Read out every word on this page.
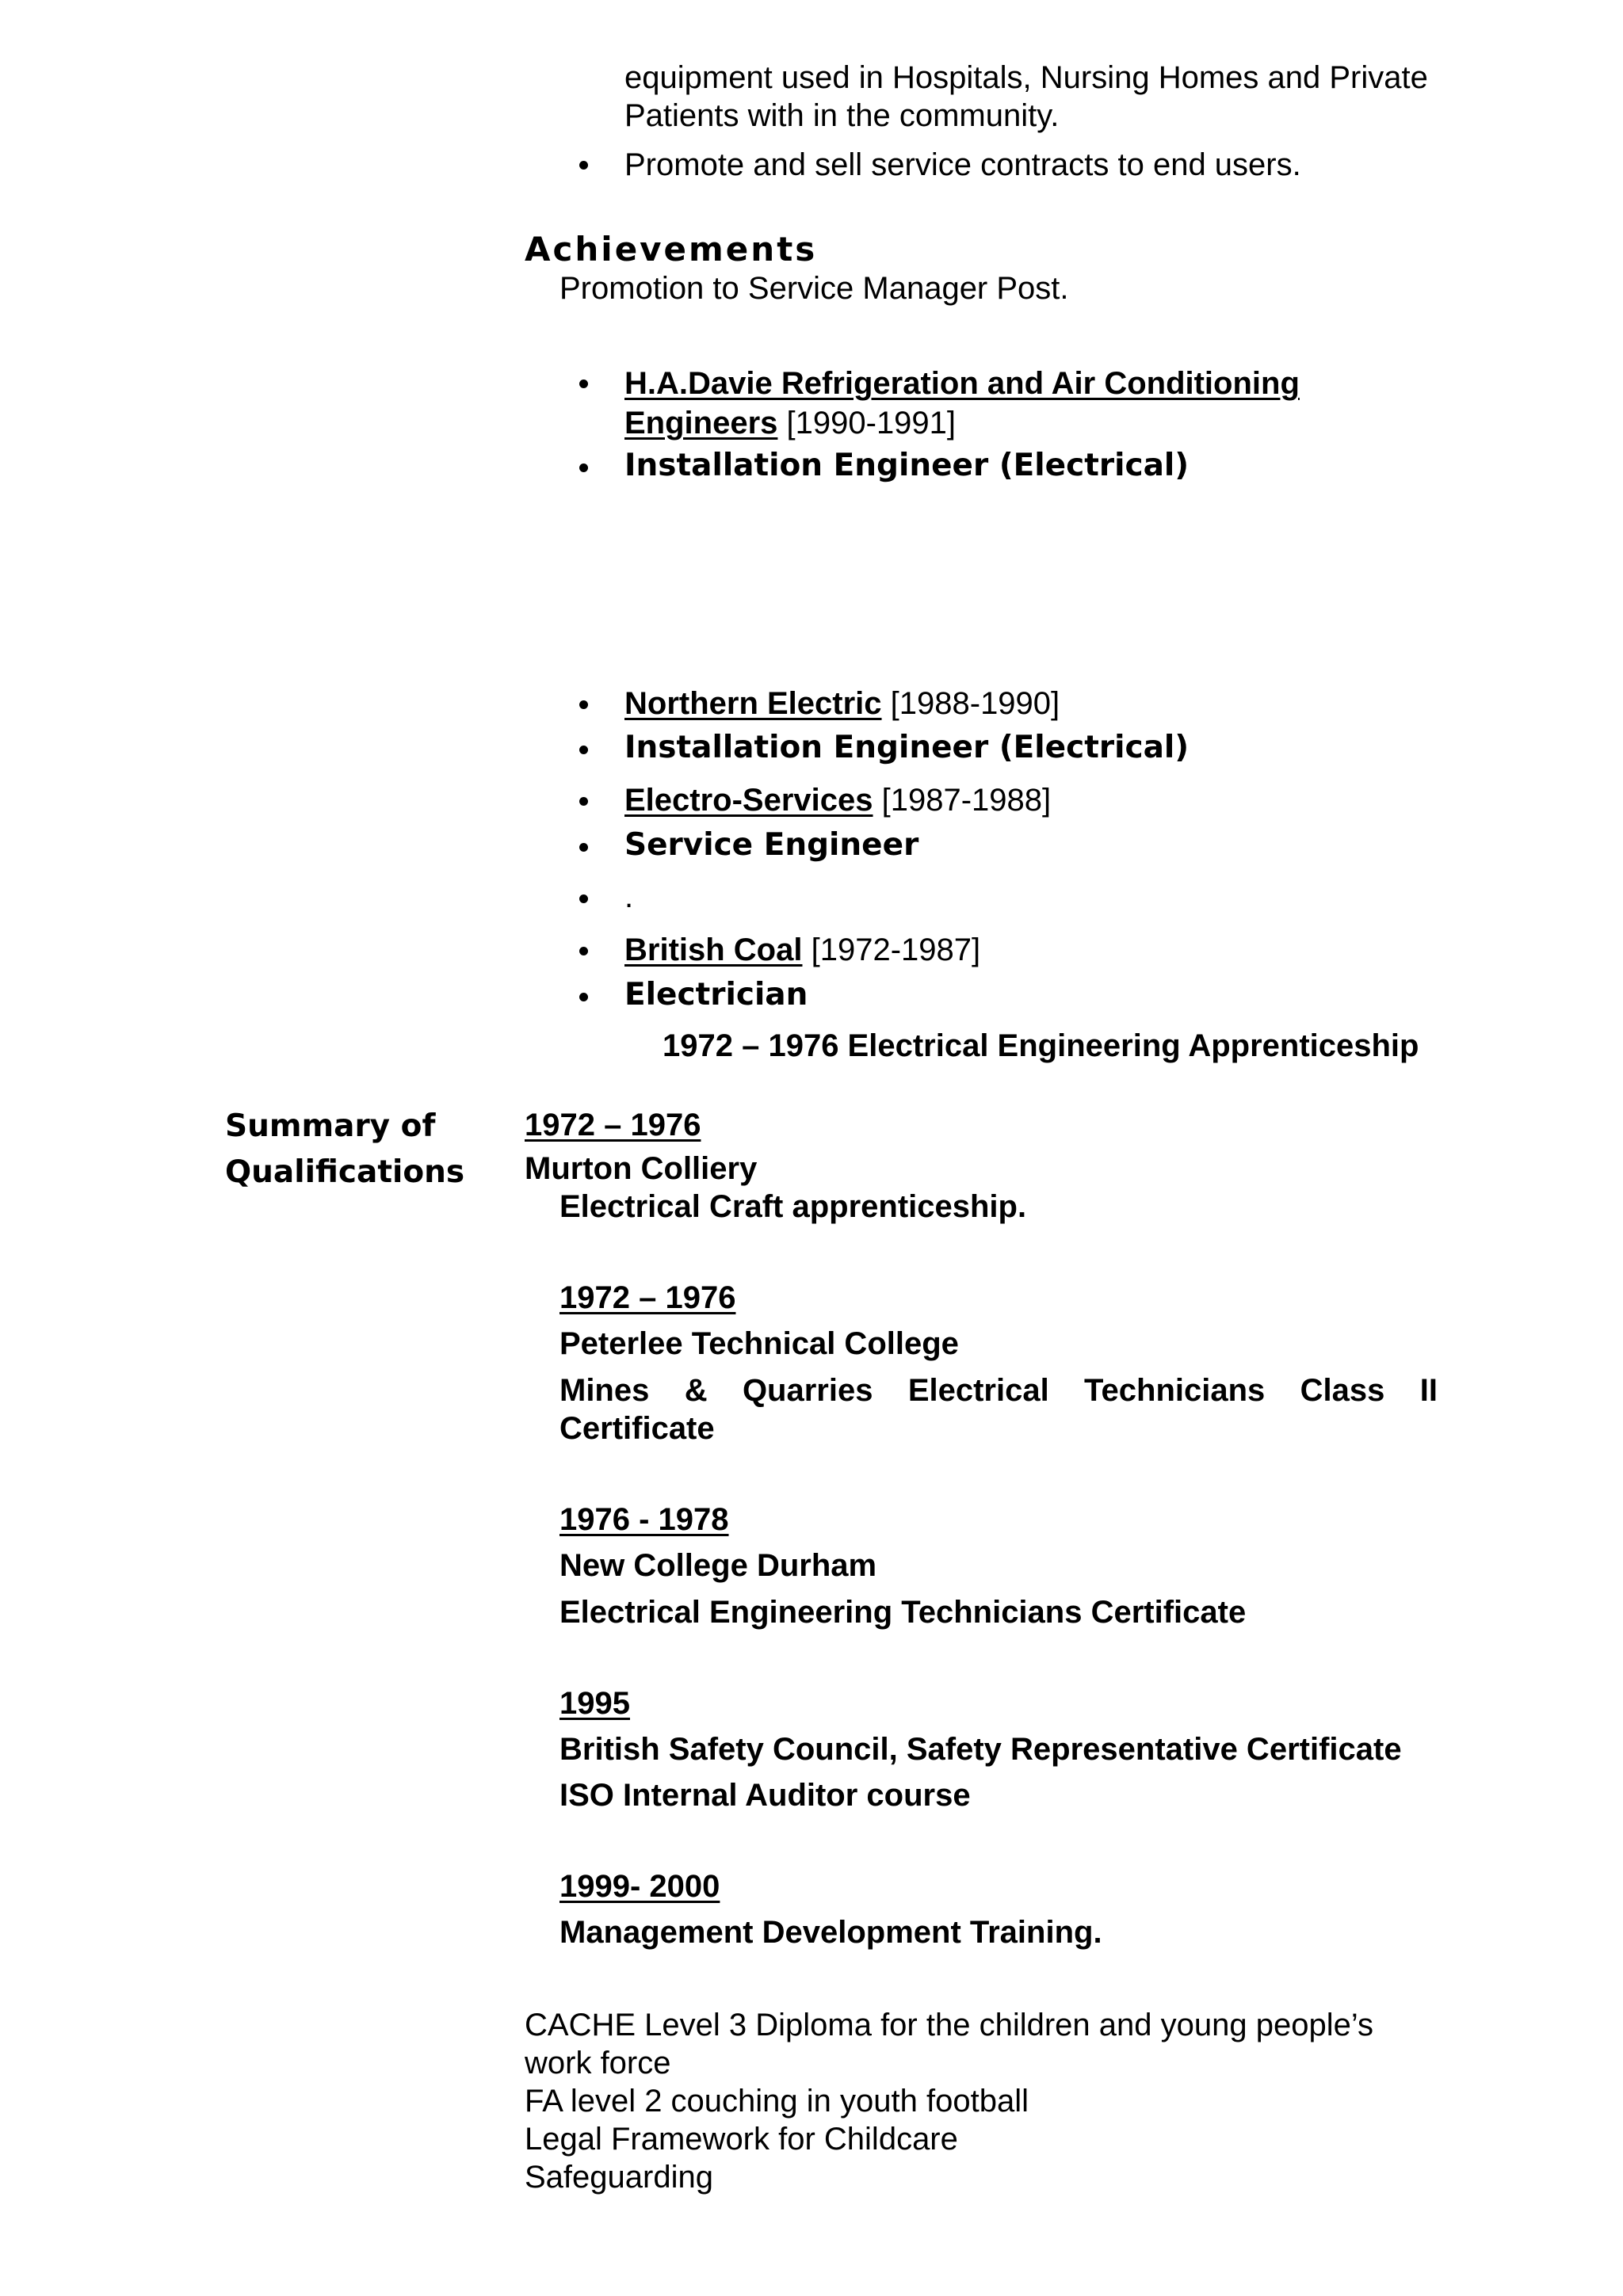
equipment used in Hospitals, Nursing Homes and Private
Patients with in the community.
Promote and sell service contracts to end users.
Achievements
Promotion to Service Manager Post.
H.A.Davie Refrigeration and Air Conditioning
Engineers [1990-1991]
Installation Engineer (Electrical)
Northern Electric [1988-1990]
Installation Engineer (Electrical)
Electro-Services [1987-1988]
Service Engineer
.
British Coal [1972-1987]
Electrician
1972 – 1976 Electrical Engineering Apprenticeship
Summary of
Qualifications
1972 – 1976
Murton Colliery
Electrical Craft apprenticeship.
1972 – 1976
Peterlee Technical College
Mines & Quarries Electrical Technicians Class II
Certificate
1976 - 1978
New College Durham
Electrical Engineering Technicians Certificate
1995
British Safety Council, Safety Representative Certificate
ISO Internal Auditor course
1999- 2000
Management Development Training.
CACHE Level 3 Diploma for the children and young people’s
work force
FA level 2 couching in youth football
Legal Framework for Childcare
Safeguarding
